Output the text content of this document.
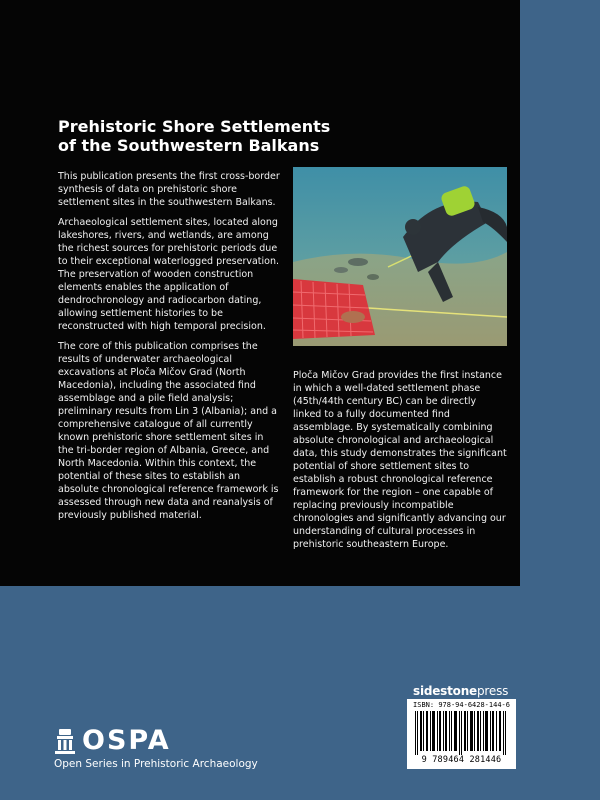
Prehistoric Shore Settlements
of the Southwestern Balkans

This publication presents the first cross-border synthesis of data on prehistoric shore settlement sites in the southwestern Balkans.

Archaeological settlement sites, located along lakeshores, rivers, and wetlands, are among the richest sources for prehistoric periods due to their exceptional waterlogged preservation. The preservation of wooden construction elements enables the application of dendrochronology and radiocarbon dating, allowing settlement histories to be reconstructed with high temporal precision.

The core of this publication comprises the results of underwater archaeological excavations at Ploča Mičov Grad (North Macedonia), including the associated find assemblage and a pile field analysis; preliminary results from Lin 3 (Albania); and a comprehensive catalogue of all currently known prehistoric shore settlement sites in the tri-border region of Albania, Greece, and North Macedonia. Within this context, the potential of these sites to establish an absolute chronological reference framework is assessed through new data and reanalysis of previously published material.

Ploča Mičov Grad provides the first instance in which a well-dated settlement phase (45th/44th century BC) can be directly linked to a fully documented find assemblage. By systematically combining absolute chronological and archaeological data, this study demonstrates the significant potential of shore settlement sites to establish a robust chronological reference framework for the region – one capable of replacing previously incompatible chronologies and significantly advancing our understanding of cultural processes in prehistoric southeastern Europe.

sidestonepress
ISBN: 978-94-6428-144-6
9 789464 281446
OSPA
Open Series in Prehistoric Archaeology
